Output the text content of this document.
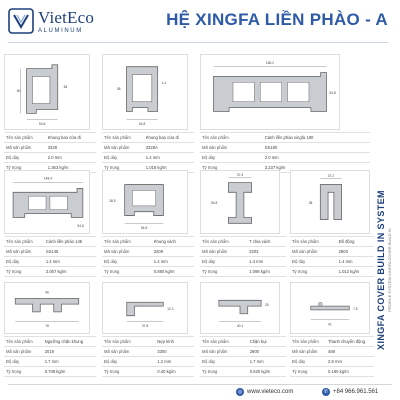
VietEco
ALUMINUM
HỆ XINGFA LIỀN PHÀO - A
54.8
60
38
Tên sản phẩm	Khung bao cửa đi
Mã sản phẩm	3328
Độ dày	2.0 mm
Tỷ trọng	1.363 kg/m
54.8
38
1.4
Tên sản phẩm	Khung bao cửa đi
Mã sản phẩm	3328A
Độ dày	1.4 mm
Tỷ trọng	1.018 kg/m
180.2
54.8
Tên sản phẩm	Cánh liền phào xingfa 180
Mã sản phẩm	SS180
Độ dày	2.0 mm
Tỷ trọng	3.237 kg/m
148.4
54.8
Tên sản phẩm	Cánh liền phào 145
Mã sản phẩm	SS145
Độ dày	1.4 mm
Tỷ trọng	2.067 kg/m
54.8
38.5
Tên sản phẩm	Khung vách
Mã sản phẩm	3209
Độ dày	1.4 mm
Tỷ trọng	0.880 kg/m
37.4
54.8
Tên sản phẩm	T chia vách
Mã sản phẩm	3203
Độ dày	1.4 mm
Tỷ trọng	1.098 kg/m
37.2
38
Tên sản phẩm	Đố động
Mã sản phẩm	2903
Độ dày	1.4 mm
Tỷ trọng	1.012 kg/m
78
46
Tên sản phẩm	Ngưỡng chặn khung
Mã sản phẩm	2019
Độ dày	1.7 mm
Tỷ trọng	0.708 kg/m
37.8
12.2
Tên sản phẩm	Nẹp kính
Mã sản phẩm	3300
Độ dày	1.2 mm
Tỷ trọng	0.40 kg/m
40.1
25
Tên sản phẩm	Chặn bụi
Mã sản phẩm	2900
Độ dày	1.7 mm
Tỷ trọng	0.520 kg/m
41
7.8
Tên sản phẩm	Thanh chuyển động
Mã sản phẩm	459
Độ dày	2.5 mm
Tỷ trọng	0.180 kg/m
XINGFA COVER BUILD IN SYSTEM PROFILE SYSTEM XINGFA COVER BUILD IN
◎ www.vieteco.com	✆ +84 966.961.561
